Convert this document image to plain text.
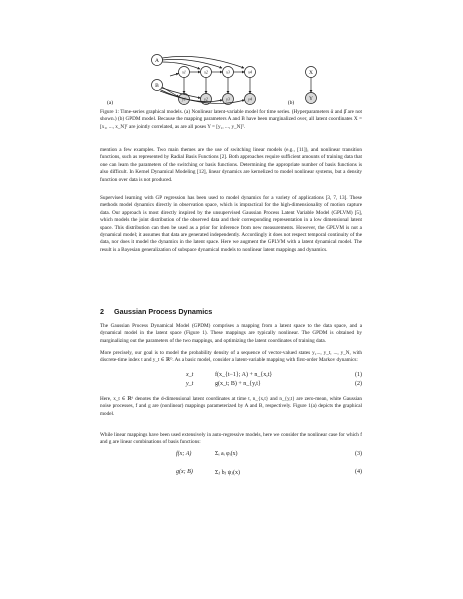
A
B
(a)	(b)
x1	x2	x3	x4
y1	y2	y3	y4
X
Y

Figure 1: Time-series graphical models. (a) Nonlinear latent-variable model for time series. (Hyperparameters ᾱ and β̄ are not shown.) (b) GPDM model. Because the mapping parameters A and B have been marginalized over, all latent coordinates X = [x₁, ..., x_N]ᵀ are jointly correlated, as are all poses Y = [y₁, ..., y_N]ᵀ.

mention a few examples. Two main themes are the use of switching linear models (e.g., [11]), and nonlinear transition functions, such as represented by Radial Basis Functions [2]. Both approaches require sufficient amounts of training data that one can learn the parameters of the switching or basis functions. Determining the appropriate number of basis functions is also difficult. In Kernel Dynamical Modeling [12], linear dynamics are kernelized to model nonlinear systems, but a density function over data is not produced.

Supervised learning with GP regression has been used to model dynamics for a variety of applications [3, 7, 13]. These methods model dynamics directly in observation space, which is impractical for the high-dimensionality of motion capture data. Our approach is most directly inspired by the unsupervised Gaussian Process Latent Variable Model (GPLVM) [5], which models the joint distribution of the observed data and their corresponding representation in a low dimensional latent space. This distribution can then be used as a prior for inference from new measurements. However, the GPLVM is not a dynamical model; it assumes that data are generated independently. Accordingly it does not respect temporal continuity of the data, nor does it model the dynamics in the latent space. Here we augment the GPLVM with a latent dynamical model. The result is a Bayesian generalization of subspace dynamical models to nonlinear latent mappings and dynamics.

2 Gaussian Process Dynamics

The Gaussian Process Dynamical Model (GPDM) comprises a mapping from a latent space to the data space, and a dynamical model in the latent space (Figure 1). These mappings are typically nonlinear. The GPDM is obtained by marginalizing out the parameters of the two mappings, and optimizing the latent coordinates of training data.

More precisely, our goal is to model the probability density of a sequence of vector-valued states y₁..., y_t, ..., y_N, with discrete-time index t and y_t ∈ ℝᴰ. As a basic model, consider a latent-variable mapping with first-order Markov dynamics:

x_t	f(x_{t−1}; A) + n_{x,t}	(1)
y_t	g(x_t; B) + n_{y,t}	(2)

Here, x_t ∈ ℝᵈ denotes the d-dimensional latent coordinates at time t, n_{x,t} and n_{y,t} are zero-mean, white Gaussian noise processes, f and g are (nonlinear) mappings parameterized by A and B, respectively. Figure 1(a) depicts the graphical model.

While linear mappings have been used extensively in auto-regressive models, here we consider the nonlinear case for which f and g are linear combinations of basis functions:

f(x; A)	Σᵢ aᵢ φᵢ(x)	(3)
g(x; B)	Σⱼ bⱼ ψⱼ(x)	(4)
